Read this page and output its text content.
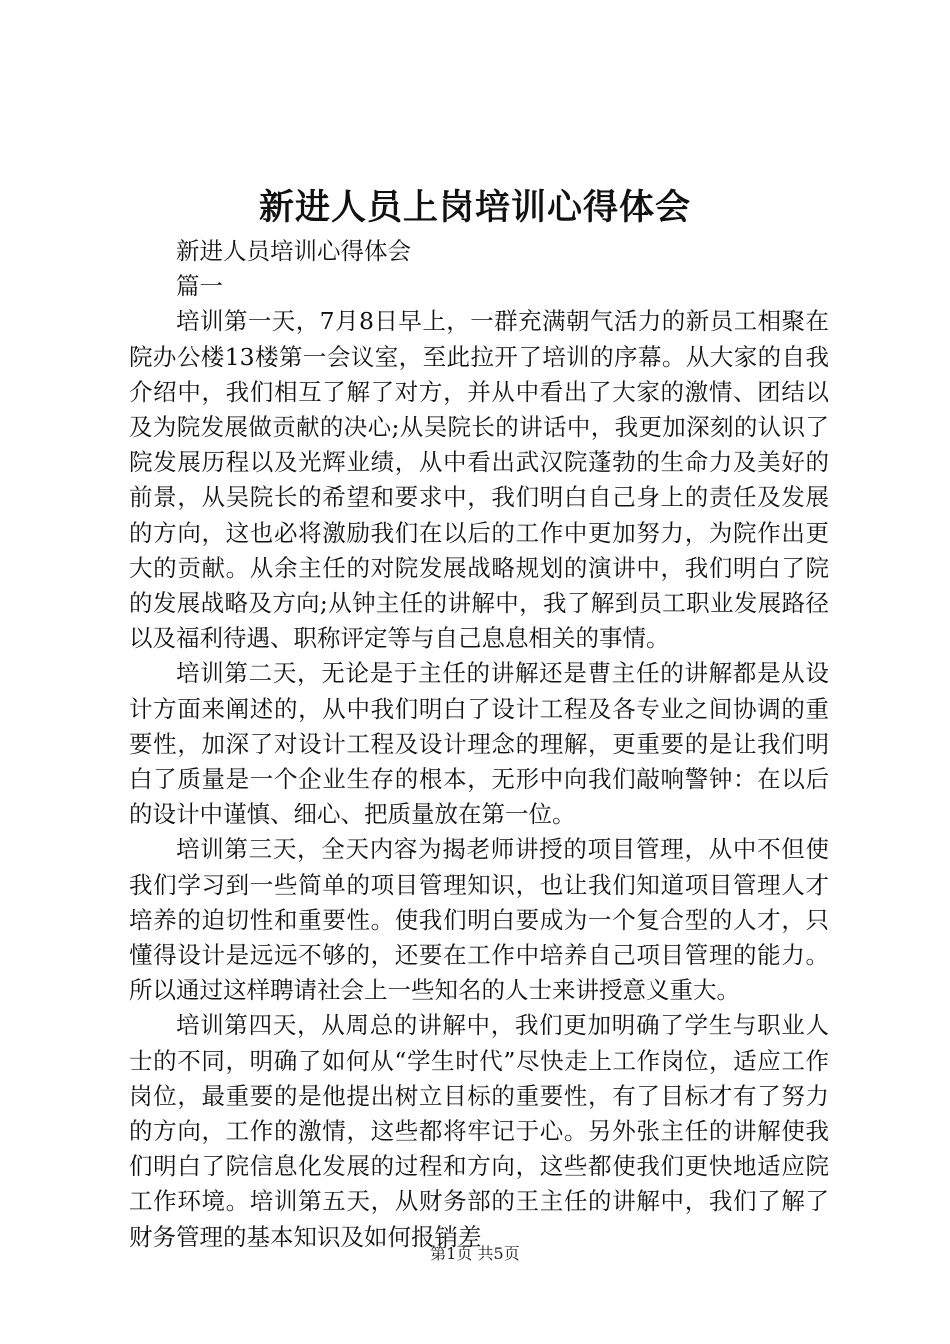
新进人员上岗培训心得体会

新进人员培训心得体会

篇一

培训第一天，7月8日早上，一群充满朝气活力的新员工相聚在院办公楼13楼第一会议室，至此拉开了培训的序幕。从大家的自我介绍中，我们相互了解了对方，并从中看出了大家的激情、团结以及为院发展做贡献的决心;从吴院长的讲话中，我更加深刻的认识了院发展历程以及光辉业绩，从中看出武汉院蓬勃的生命力及美好的前景，从吴院长的希望和要求中，我们明白自己身上的责任及发展的方向，这也必将激励我们在以后的工作中更加努力，为院作出更大的贡献。从余主任的对院发展战略规划的演讲中，我们明白了院的发展战略及方向;从钟主任的讲解中，我了解到员工职业发展路径以及福利待遇、职称评定等与自己息息相关的事情。

培训第二天，无论是于主任的讲解还是曹主任的讲解都是从设计方面来阐述的，从中我们明白了设计工程及各专业之间协调的重要性，加深了对设计工程及设计理念的理解，更重要的是让我们明白了质量是一个企业生存的根本，无形中向我们敲响警钟：在以后的设计中谨慎、细心、把质量放在第一位。

培训第三天，全天内容为揭老师讲授的项目管理，从中不但使我们学习到一些简单的项目管理知识，也让我们知道项目管理人才培养的迫切性和重要性。使我们明白要成为一个复合型的人才，只懂得设计是远远不够的，还要在工作中培养自己项目管理的能力。所以通过这样聘请社会上一些知名的人士来讲授意义重大。

培训第四天，从周总的讲解中，我们更加明确了学生与职业人士的不同，明确了如何从“学生时代”尽快走上工作岗位，适应工作岗位，最重要的是他提出树立目标的重要性，有了目标才有了努力的方向，工作的激情，这些都将牢记于心。另外张主任的讲解使我们明白了院信息化发展的过程和方向，这些都使我们更快地适应院工作环境。培训第五天，从财务部的王主任的讲解中，我们了解了财务管理的基本知识及如何报销差

第1页 共5页
